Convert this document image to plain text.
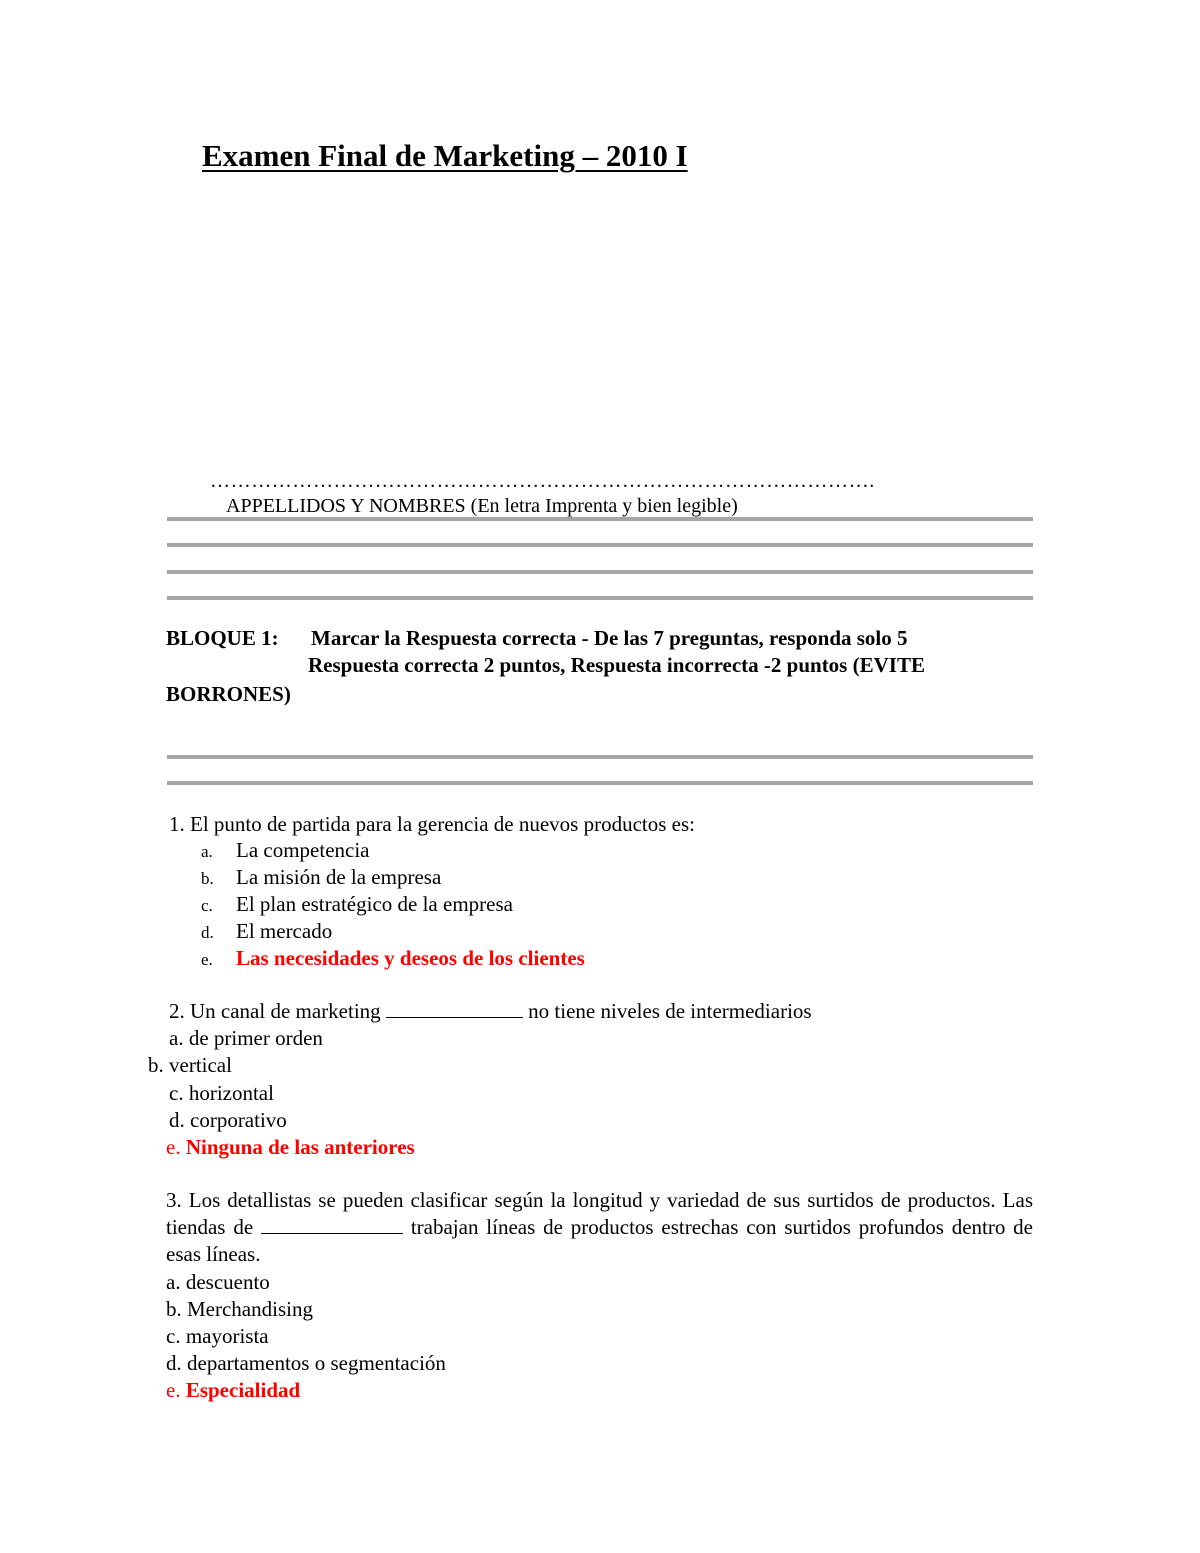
Examen Final de Marketing – 2010 I
…………………………………………………………………………………….
APPELLIDOS Y NOMBRES (En letra Imprenta y bien legible)
BLOQUE 1: Marcar la Respuesta correcta - De las 7 preguntas, responda solo 5
Respuesta correcta 2 puntos, Respuesta incorrecta -2 puntos (EVITE
BORRONES)
1. El punto de partida para la gerencia de nuevos productos es:
a. La competencia
b. La misión de la empresa
c. El plan estratégico de la empresa
d. El mercado
e. Las necesidades y deseos de los clientes
2. Un canal de marketing	no tiene niveles de intermediarios
a. de primer orden
b. vertical
c. horizontal
d. corporativo
e. Ninguna de las anteriores
3. Los detallistas se pueden clasificar según la longitud y variedad de sus surtidos de productos. Las tiendas de	trabajan líneas de productos estrechas con surtidos profundos dentro de esas líneas.
a. descuento
b. Merchandising
c. mayorista
d. departamentos o segmentación
e. Especialidad
